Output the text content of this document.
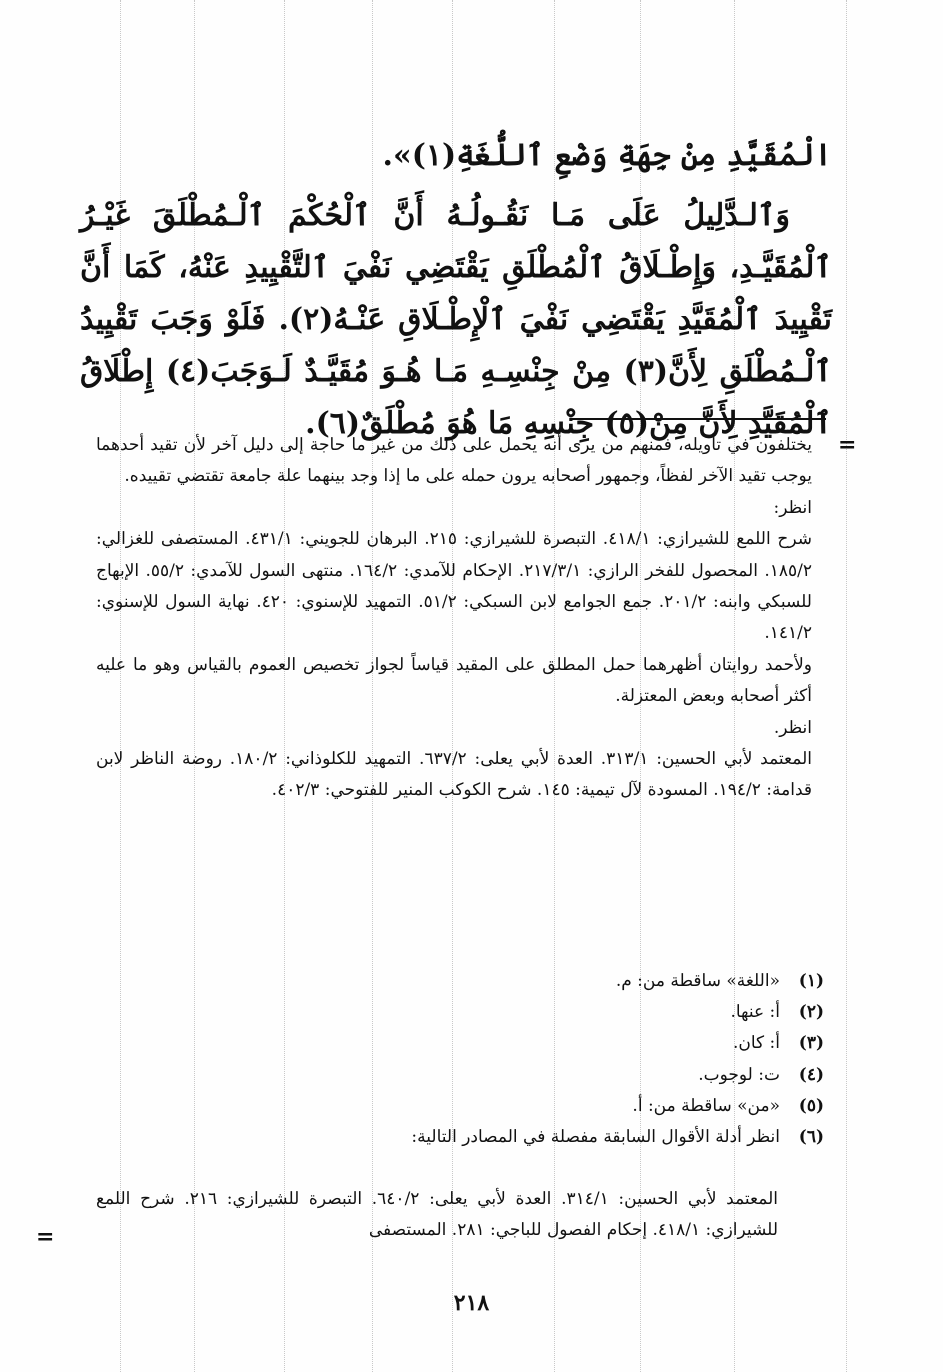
الْمُقَيَّدِ مِنْ جِهَةِ وَضْعِ ٱللُّغَةِ(١)».

وَٱلـدَّلِيلُ عَلَى مَـا نَقُـولُـهُ أَنَّ ٱلْحُكْمَ ٱلْـمُطْلَقَ غَيْـرُ ٱلْمُقَيَّـدِ، وَإِطْـلَاقُ ٱلْمُطْلَقِ يَقْتَضِي نَفْيَ ٱلتَّقْيِيدِ عَنْهُ، كَمَا أَنَّ تَقْيِيدَ ٱلْمُقَيَّدِ يَقْتَضِي نَفْيَ ٱلْإِطْـلَاقِ عَنْـهُ(٢). فَلَوْ وَجَبَ تَقْيِيدُ ٱلْـمُطْلَقِ لِأَنَّ(٣) مِنْ جِنْسِـهِ مَـا هُـوَ مُقَيَّـدٌ لَـوَجَبَ(٤) إِطْلَاقُ ٱلْمُقَيَّدِ لِأَنَّ مِنْ(٥) جِنْسِهِ مَا هُوَ مُطْلَقٌ(٦).

=
=

يختلفون في تأويله، فمنهم من يرى أنه يحمل على ذلك من غير ما حاجة إلى دليل آخر لأن تقيد أحدهما يوجب تقيد الآخر لفظاً، وجمهور أصحابه يرون حمله على ما إذا وجد بينهما علة جامعة تقتضي تقييده.

انظر:

شرح اللمع للشيرازي: ٤١٨/١. التبصرة للشيرازي: ٢١٥. البرهان للجويني: ٤٣١/١. المستصفى للغزالي: ١٨٥/٢. المحصول للفخر الرازي: ٢١٧/٣/١. الإحكام للآمدي: ١٦٤/٢. منتهى السول للآمدي: ٥٥/٢. الإبهاج للسبكي وابنه: ٢٠١/٢. جمع الجوامع لابن السبكي: ٥١/٢. التمهيد للإسنوي: ٤٢٠. نهاية السول للإسنوي: ١٤١/٢.

ولأحمد روايتان أظهرهما حمل المطلق على المقيد قياساً لجواز تخصيص العموم بالقياس وهو ما عليه أكثر أصحابه وبعض المعتزلة.

انظر.

المعتمد لأبي الحسين: ٣١٣/١. العدة لأبي يعلى: ٦٣٧/٢. التمهيد للكلوذاني: ١٨٠/٢. روضة الناظر لابن قدامة: ١٩٤/٢. المسودة لآل تيمية: ١٤٥. شرح الكوكب المنير للفتوحي: ٤٠٢/٣.

(١)
«اللغة» ساقطة من: م.
(٢)
أ: عنها.
(٣)
أ: كان.
(٤)
ت: لوجوب.
(٥)
«من» ساقطة من: أ.
(٦)
انظر أدلة الأقوال السابقة مفصلة في المصادر التالية:

المعتمد لأبي الحسين: ٣١٤/١. العدة لأبي يعلى: ٦٤٠/٢. التبصرة للشيرازي: ٢١٦. شرح اللمع للشيرازي: ٤١٨/١. إحكام الفصول للباجي: ٢٨١. المستصفى

٢١٨
